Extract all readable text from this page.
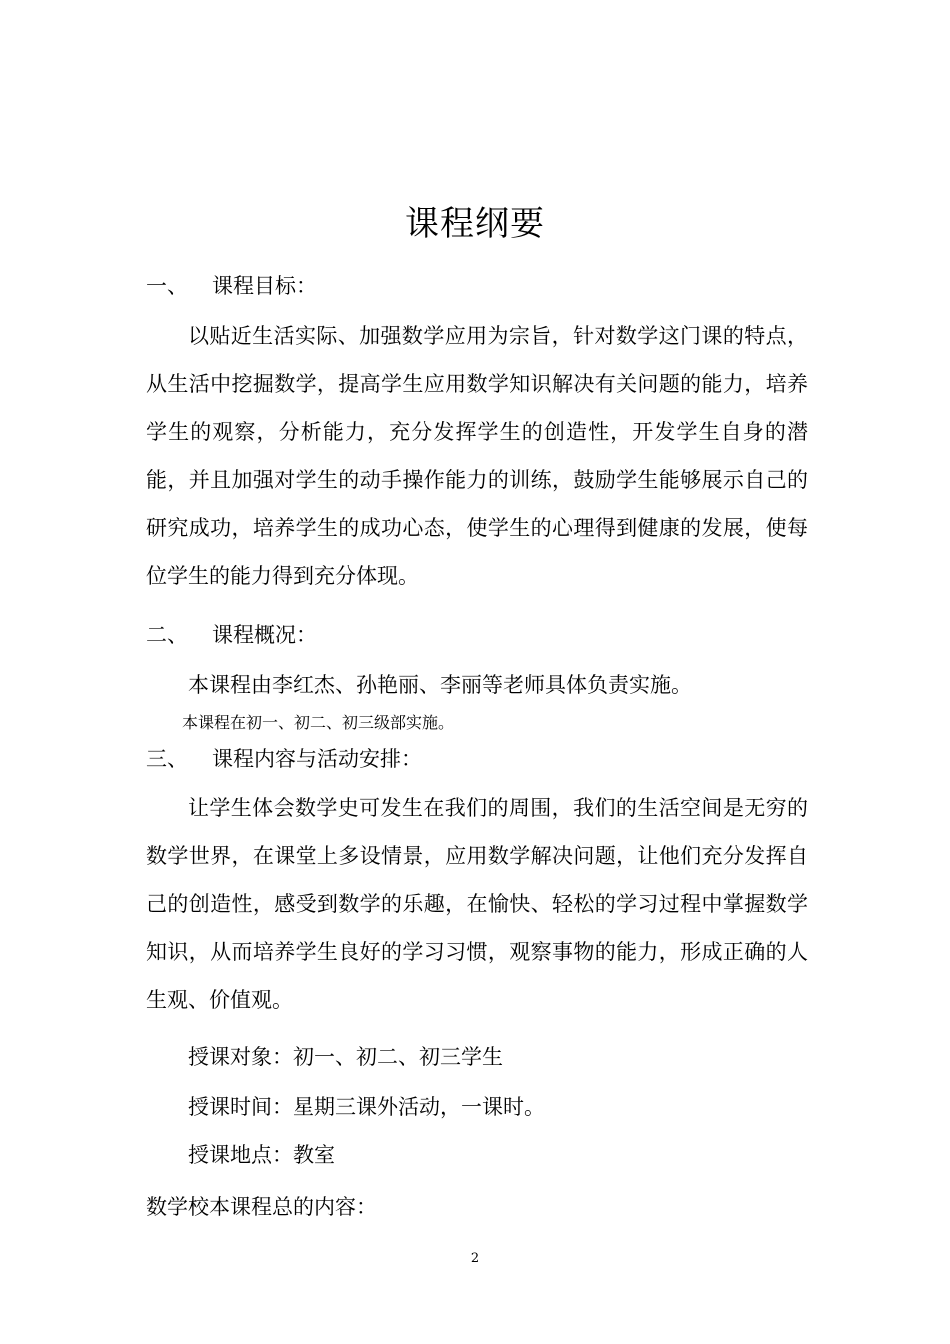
课程纲要
一、 课程目标：
以贴近生活实际、加强数学应用为宗旨，针对数学这门课的特点，从生活中挖掘数学，提高学生应用数学知识解决有关问题的能力，培养学生的观察，分析能力，充分发挥学生的创造性，开发学生自身的潜能，并且加强对学生的动手操作能力的训练，鼓励学生能够展示自己的研究成功，培养学生的成功心态，使学生的心理得到健康的发展，使每位学生的能力得到充分体现。
二、 课程概况：
本课程由李红杰、孙艳丽、李丽等老师具体负责实施。
本课程在初一、初二、初三级部实施。
三、 课程内容与活动安排：
让学生体会数学史可发生在我们的周围，我们的生活空间是无穷的数学世界，在课堂上多设情景，应用数学解决问题，让他们充分发挥自己的创造性，感受到数学的乐趣，在愉快、轻松的学习过程中掌握数学知识，从而培养学生良好的学习习惯，观察事物的能力，形成正确的人生观、价值观。
授课对象：初一、初二、初三学生
授课时间：星期三课外活动，一课时。
授课地点：教室
数学校本课程总的内容：
2
